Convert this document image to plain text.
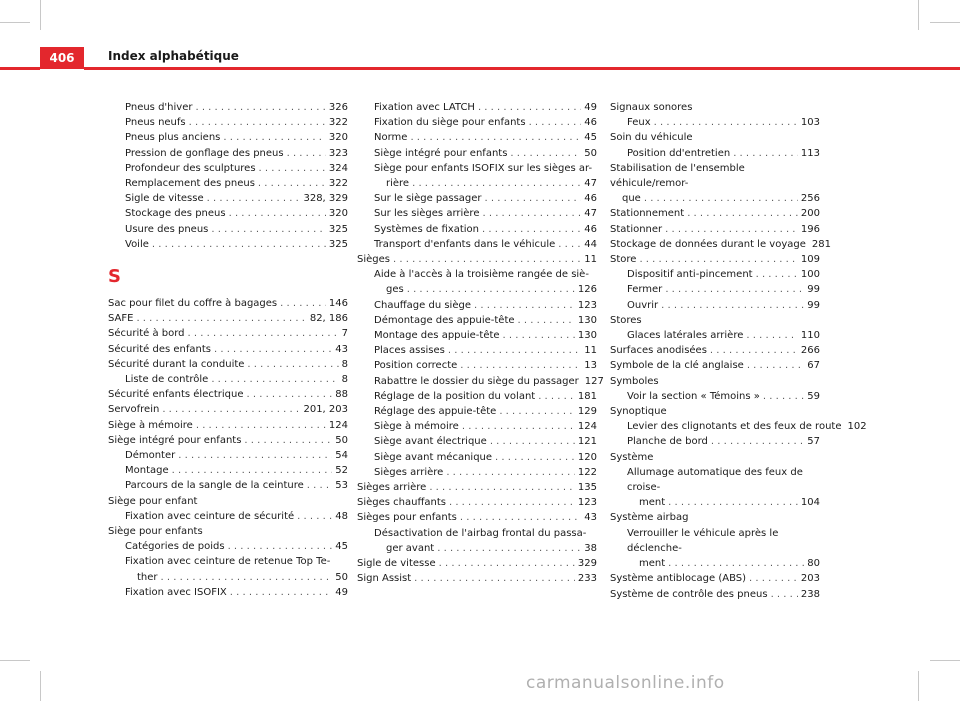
406	Index alphabétique
Pneus d'hiver . . .	326
Pneus neufs . . .	322
Pneus plus anciens . . .	320
Pression de gonflage des pneus . . .	323
Profondeur des sculptures . . .	324
Remplacement des pneus . . .	322
Sigle de vitesse . . .	328, 329
Stockage des pneus . . .	320
Usure des pneus . . .	325
Voile . . .	325
S
Sac pour filet du coffre à bagages . . .	146
SAFE . . .	82, 186
Sécurité à bord . . .	7
Sécurité des enfants . . .	43
Sécurité durant la conduite . . .	8
Liste de contrôle . . .	8
Sécurité enfants électrique . . .	88
Servofrein . . .	201, 203
Siège à mémoire . . .	124
Siège intégré pour enfants . . .	50
Démonter . . .	54
Montage . . .	52
Parcours de la sangle de la ceinture . . .	53
Siège pour enfant
Fixation avec ceinture de sécurité . . .	48
Siège pour enfants
Catégories de poids . . .	45
Fixation avec ceinture de retenue Top Te-
ther . . .	50
Fixation avec ISOFIX . . .	49
Fixation avec LATCH . . .	49
Fixation du siège pour enfants . . .	46
Norme . . .	45
Siège intégré pour enfants . . .	50
Siège pour enfants ISOFIX sur les sièges ar-
rière . . .	47
Sur le siège passager . . .	46
Sur les sièges arrière . . .	47
Systèmes de fixation . . .	46
Transport d'enfants dans le véhicule . . .	44
Sièges . . .	11
Aide à l'accès à la troisième rangée de siè-
ges . . .	126
Chauffage du siège . . .	123
Démontage des appuie-tête . . .	130
Montage des appuie-tête . . .	130
Places assises . . .	11
Position correcte . . .	13
Rabattre le dossier du siège du passager 127
Réglage de la position du volant . . .	181
Réglage des appuie-tête . . .	129
Siège à mémoire . . .	124
Siège avant électrique . . .	121
Siège avant mécanique . . .	120
Sièges arrière . . .	122
Sièges arrière . . .	135
Sièges chauffants . . .	123
Sièges pour enfants . . .	43
Désactivation de l'airbag frontal du passa-
ger avant . . .	38
Sigle de vitesse . . .	329
Sign Assist . . .	233
Signaux sonores
Feux . . .	103
Soin du véhicule
Position dd'entretien . . .	113
Stabilisation de l'ensemble véhicule/remor-
que . . .	256
Stationnement . . .	200
Stationner . . .	196
Stockage de données durant le voyage 281
Store . . .	109
Dispositif anti-pincement . . .	100
Fermer . . .	99
Ouvrir . . .	99
Stores
Glaces latérales arrière . . .	110
Surfaces anodisées . . .	266
Symbole de la clé anglaise . . .	67
Symboles
Voir la section « Témoins » . . .	59
Synoptique
Levier des clignotants et des feux de route 102
Planche de bord . . .	57
Système
Allumage automatique des feux de croise-
ment . . .	104
Système airbag
Verrouiller le véhicule après le déclenche-
ment . . .	80
Système antiblocage (ABS) . . .	203
Système de contrôle des pneus . . .	238
carmanualsonline.info
